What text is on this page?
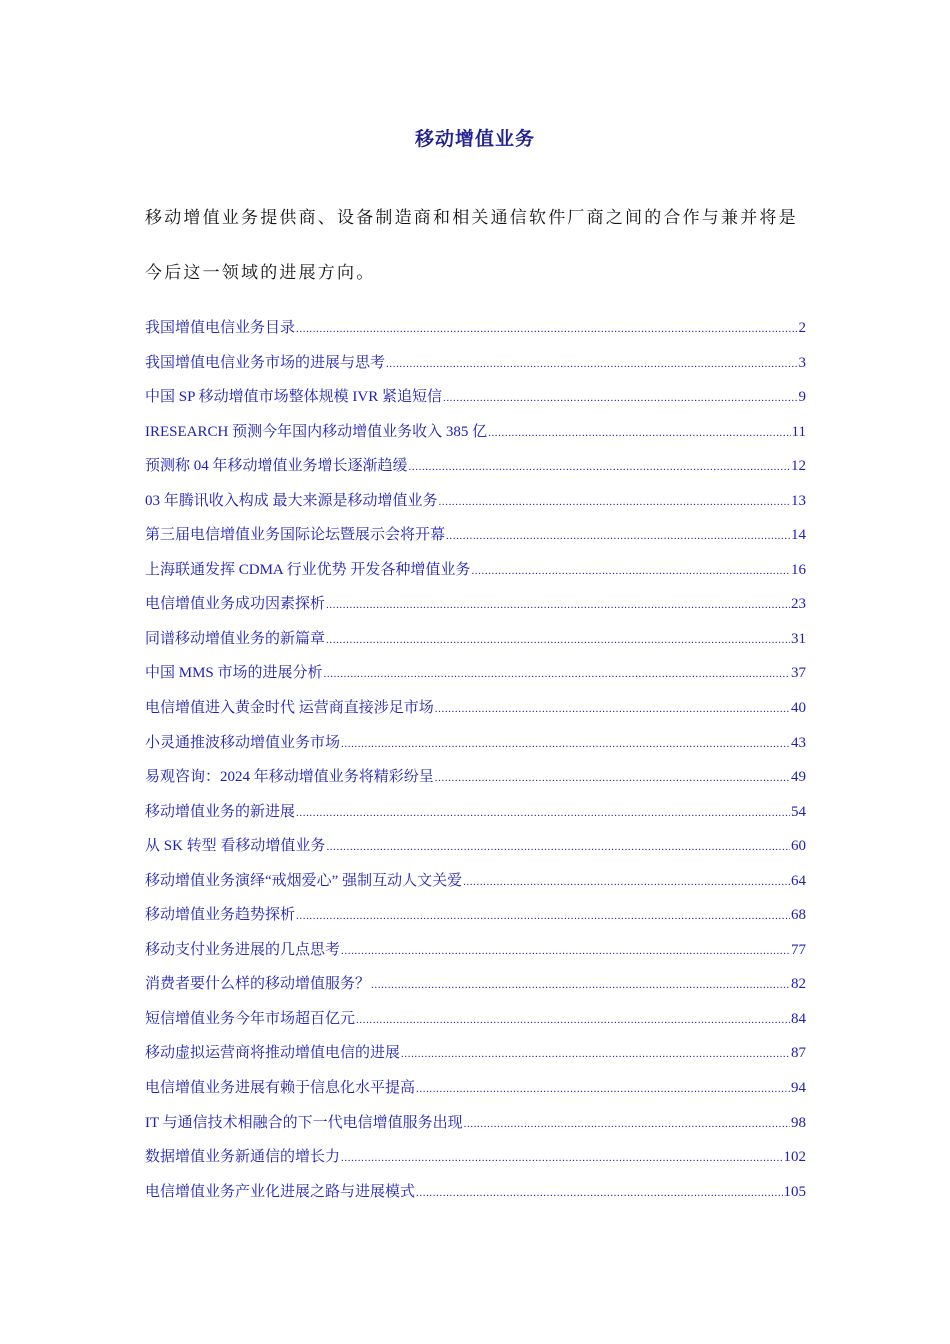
移动增值业务
移动增值业务提供商、设备制造商和相关通信软件厂商之间的合作与兼并将是
今后这一领域的进展方向。
我国增值电信业务目录 .....	2
我国增值电信业务市场的进展与思考 .....	3
中国 SP 移动增值市场整体规模 IVR 紧追短信 .....	9
IRESEARCH 预测今年国内移动增值业务收入 385 亿 .....	11
预测称 04 年移动增值业务增长逐渐趋缓 .....	12
03 年腾讯收入构成 最大来源是移动增值业务 .....	13
第三届电信增值业务国际论坛暨展示会将开幕 .....	14
上海联通发挥 CDMA 行业优势 开发各种增值业务 .....	16
电信增值业务成功因素探析 .....	23
同谱移动增值业务的新篇章 .....	31
中国 MMS 市场的进展分析 .....	37
电信增值进入黄金时代 运营商直接涉足市场 .....	40
小灵通推波移动增值业务市场 .....	43
易观咨询：2024 年移动增值业务将精彩纷呈 .....	49
移动增值业务的新进展 .....	54
从 SK 转型 看移动增值业务 .....	60
移动增值业务演绎“戒烟爱心” 强制互动人文关爱 .....	64
移动增值业务趋势探析 .....	68
移动支付业务进展的几点思考 .....	77
消费者要什么样的移动增值服务？ .....	82
短信增值业务今年市场超百亿元 .....	84
移动虚拟运营商将推动增值电信的进展 .....	87
电信增值业务进展有赖于信息化水平提高 .....	94
IT 与通信技术相融合的下一代电信增值服务出现 .....	98
数据增值业务新通信的增长力 .....	102
电信增值业务产业化进展之路与进展模式 .....	105
